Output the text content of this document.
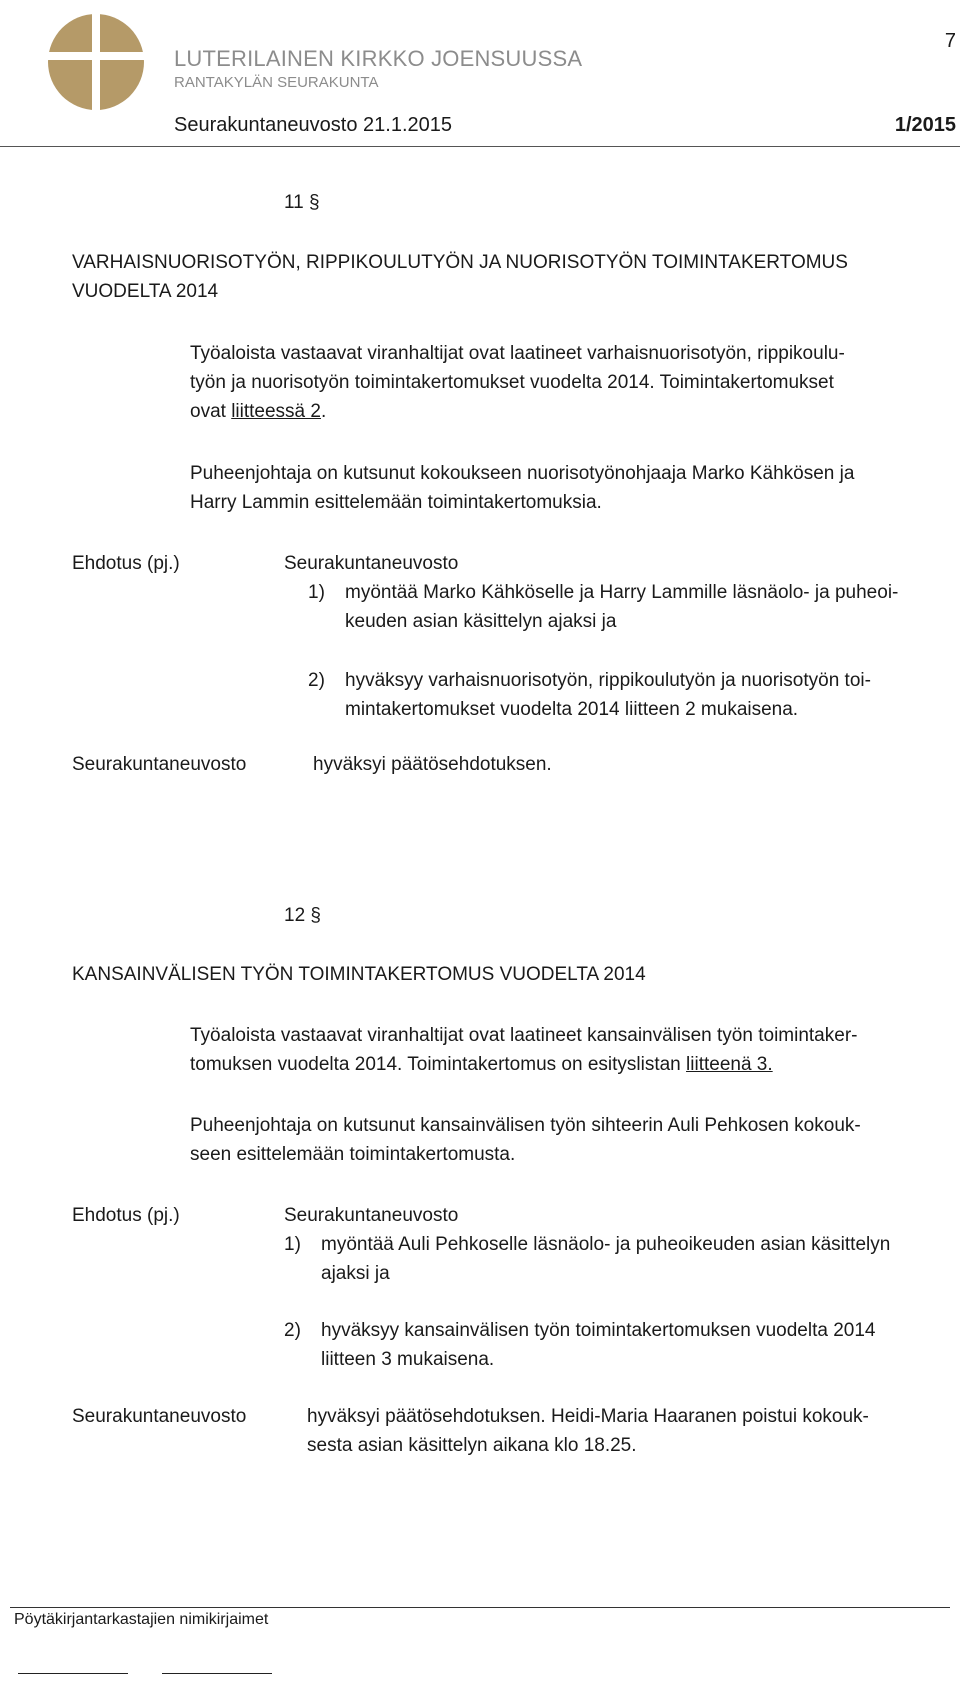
LUTERILAINEN KIRKKO JOENSUUSSA
RANTAKYLÄN SEURAKUNTA
7
Seurakuntaneuvosto 21.1.2015	1/2015
11 §
VARHAISNUORISOTYÖN, RIPPIKOULUTYÖN JA NUORISOTYÖN TOIMINTAKERTOMUS
VUODELTA 2014
Työaloista vastaavat viranhaltijat ovat laatineet varhaisnuorisotyön, rippikoulu-
työn ja nuorisotyön toimintakertomukset vuodelta 2014. Toimintakertomukset
ovat liitteessä 2.
Puheenjohtaja on kutsunut kokoukseen nuorisotyönohjaaja Marko Kähkösen ja
Harry Lammin esittelemään toimintakertomuksia.
Ehdotus (pj.)	Seurakuntaneuvosto
1) myöntää Marko Kähköselle ja Harry Lammille läsnäolo- ja puheoi-
keuden asian käsittelyn ajaksi ja
2) hyväksyy varhaisnuorisotyön, rippikoulutyön ja nuorisotyön toi-
mintakertomukset vuodelta 2014 liitteen 2 mukaisena.
Seurakuntaneuvosto	hyväksyi päätösehdotuksen.
12 §
KANSAINVÄLISEN TYÖN TOIMINTAKERTOMUS VUODELTA 2014
Työaloista vastaavat viranhaltijat ovat laatineet kansainvälisen työn toimintaker-
tomuksen vuodelta 2014. Toimintakertomus on esityslistan liitteenä 3.
Puheenjohtaja on kutsunut kansainvälisen työn sihteerin Auli Pehkosen kokouk-
seen esittelemään toimintakertomusta.
Ehdotus (pj.)	Seurakuntaneuvosto
1) myöntää Auli Pehkoselle läsnäolo- ja puheoikeuden asian käsittelyn
ajaksi ja
2) hyväksyy kansainvälisen työn toimintakertomuksen vuodelta 2014
liitteen 3 mukaisena.
Seurakuntaneuvosto	hyväksyi päätösehdotuksen. Heidi-Maria Haaranen poistui kokouk-
sesta asian käsittelyn aikana klo 18.25.
Pöytäkirjantarkastajien nimikirjaimet
